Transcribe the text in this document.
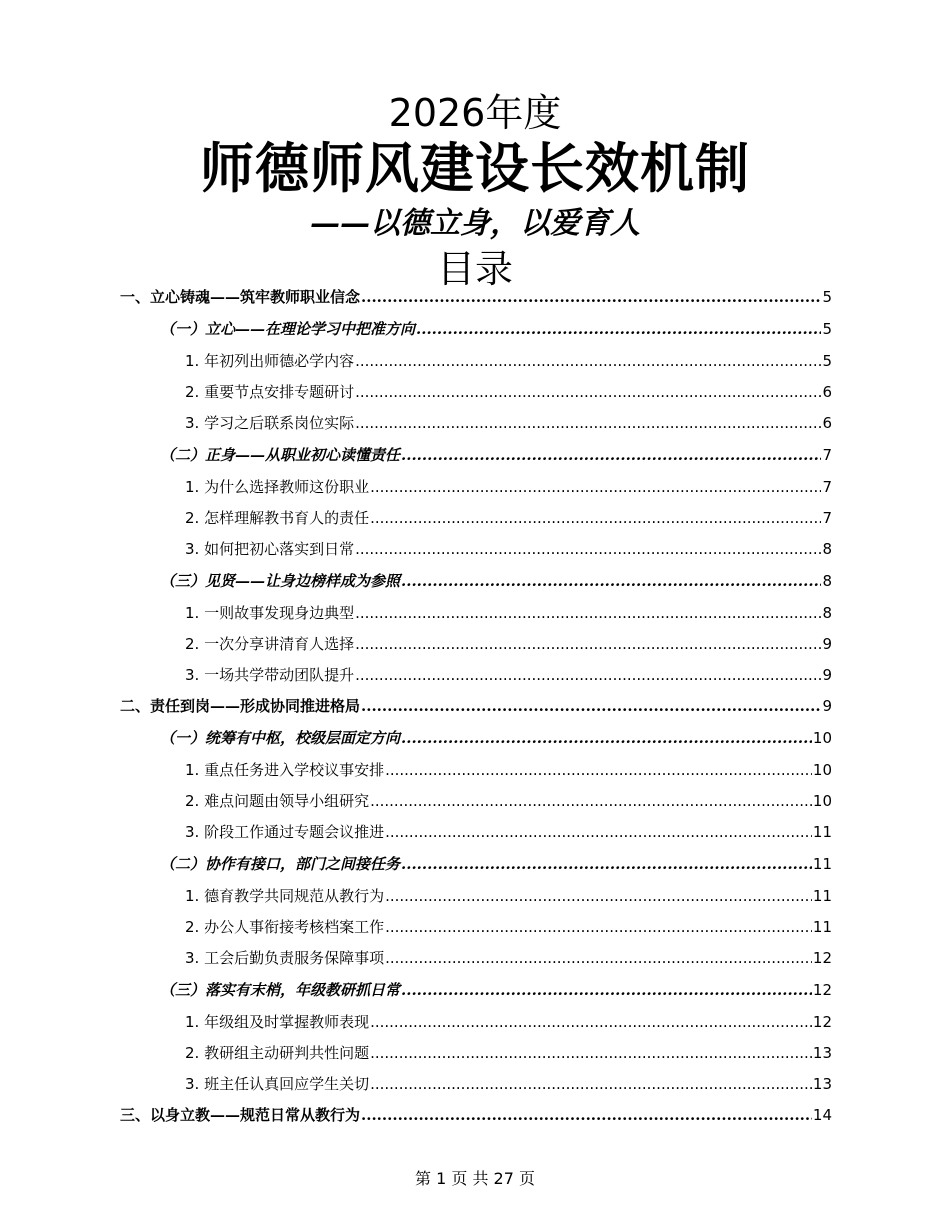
2026年度
师德师风建设长效机制
——以德立身，以爱育人
目录
一、立心铸魂——筑牢教师职业信念 .....	5
（一）立心——在理论学习中把准方向 .....	5
1. 年初列出师德必学内容 .....	5
2. 重要节点安排专题研讨 .....	6
3. 学习之后联系岗位实际 .....	6
（二）正身——从职业初心读懂责任 .....	7
1. 为什么选择教师这份职业 .....	7
2. 怎样理解教书育人的责任 .....	7
3. 如何把初心落实到日常 .....	8
（三）见贤——让身边榜样成为参照 .....	8
1. 一则故事发现身边典型 .....	8
2. 一次分享讲清育人选择 .....	9
3. 一场共学带动团队提升 .....	9
二、责任到岗——形成协同推进格局 .....	9
（一）统筹有中枢，校级层面定方向 .....	10
1. 重点任务进入学校议事安排 .....	10
2. 难点问题由领导小组研究 .....	10
3. 阶段工作通过专题会议推进 .....	11
（二）协作有接口，部门之间接任务 .....	11
1. 德育教学共同规范从教行为 .....	11
2. 办公人事衔接考核档案工作 .....	11
3. 工会后勤负责服务保障事项 .....	12
（三）落实有末梢，年级教研抓日常 .....	12
1. 年级组及时掌握教师表现 .....	12
2. 教研组主动研判共性问题 .....	13
3. 班主任认真回应学生关切 .....	13
三、以身立教——规范日常从教行为 .....	14
第 1 页 共 27 页
